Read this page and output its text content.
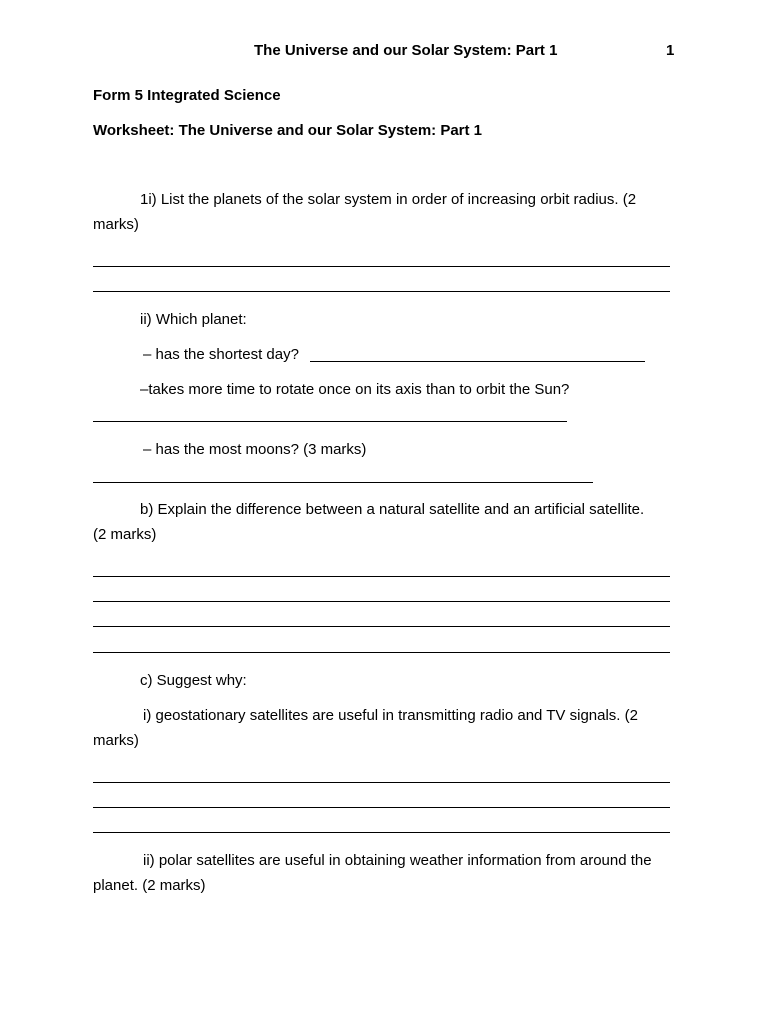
The Universe and our Solar System: Part 1	1
Form 5 Integrated Science
Worksheet: The Universe and our Solar System: Part 1
1i) List the planets of the solar system in order of increasing orbit radius. (2
marks)
ii) Which planet:
– has the shortest day?
–takes more time to rotate once on its axis than to orbit the Sun?
– has the most moons? (3 marks)
b) Explain the difference between a natural satellite and an artificial satellite.
(2 marks)
c) Suggest why:
i) geostationary satellites are useful in transmitting radio and TV signals. (2
marks)
ii) polar satellites are useful in obtaining weather information from around the
planet. (2 marks)
